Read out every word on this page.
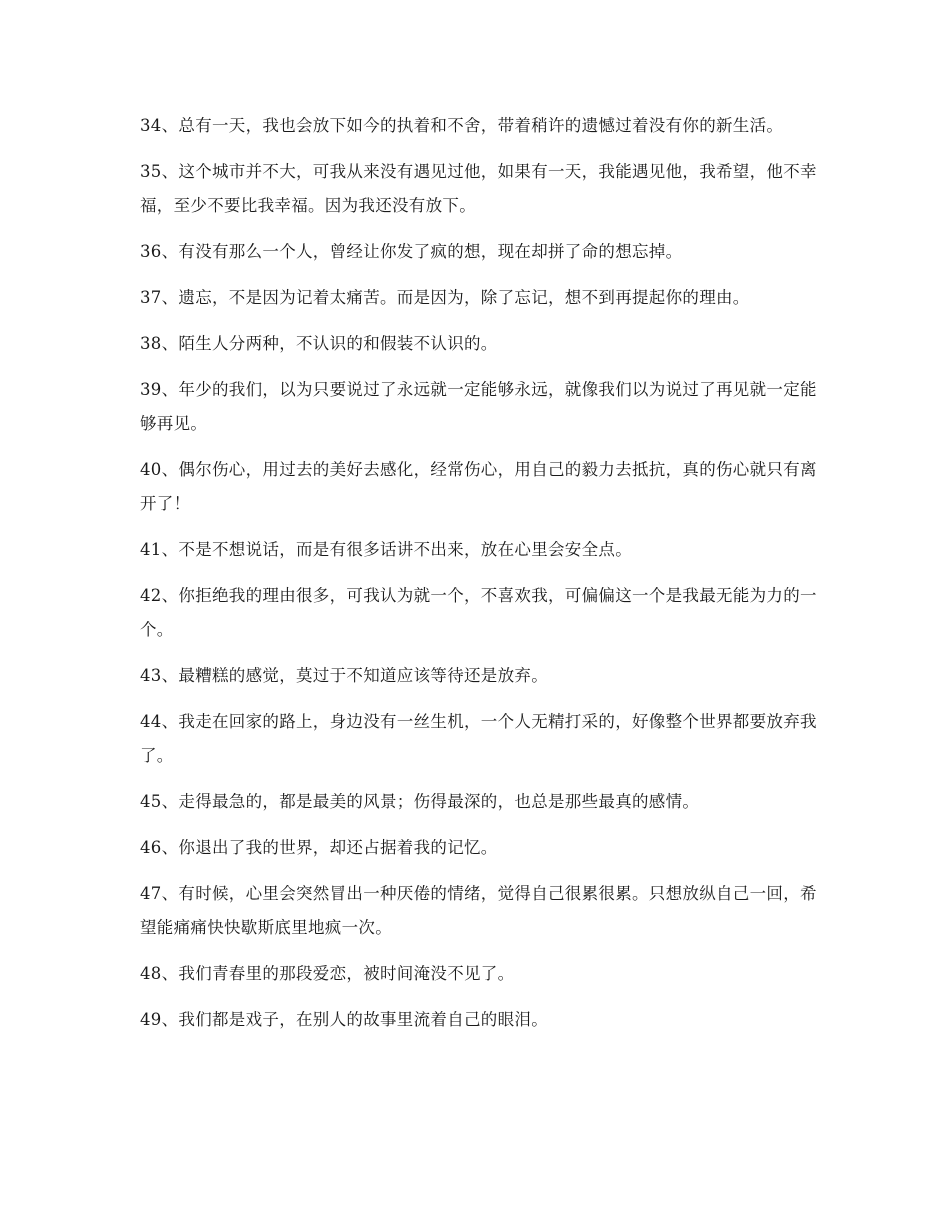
34、总有一天，我也会放下如今的执着和不舍，带着稍许的遗憾过着没有你的新生活。

35、这个城市并不大，可我从来没有遇见过他，如果有一天，我能遇见他，我希望，他不幸福，至少不要比我幸福。因为我还没有放下。

36、有没有那么一个人，曾经让你发了疯的想，现在却拼了命的想忘掉。

37、遗忘，不是因为记着太痛苦。而是因为，除了忘记，想不到再提起你的理由。

38、陌生人分两种，不认识的和假装不认识的。

39、年少的我们，以为只要说过了永远就一定能够永远，就像我们以为说过了再见就一定能够再见。

40、偶尔伤心，用过去的美好去感化，经常伤心，用自己的毅力去抵抗，真的伤心就只有离开了！

41、不是不想说话，而是有很多话讲不出来，放在心里会安全点。

42、你拒绝我的理由很多，可我认为就一个，不喜欢我，可偏偏这一个是我最无能为力的一个。

43、最糟糕的感觉，莫过于不知道应该等待还是放弃。

44、我走在回家的路上，身边没有一丝生机，一个人无精打采的，好像整个世界都要放弃我了。

45、走得最急的，都是最美的风景；伤得最深的，也总是那些最真的感情。

46、你退出了我的世界，却还占据着我的记忆。

47、有时候，心里会突然冒出一种厌倦的情绪，觉得自己很累很累。只想放纵自己一回，希望能痛痛快快歇斯底里地疯一次。

48、我们青春里的那段爱恋，被时间淹没不见了。

49、我们都是戏子，在别人的故事里流着自己的眼泪。
